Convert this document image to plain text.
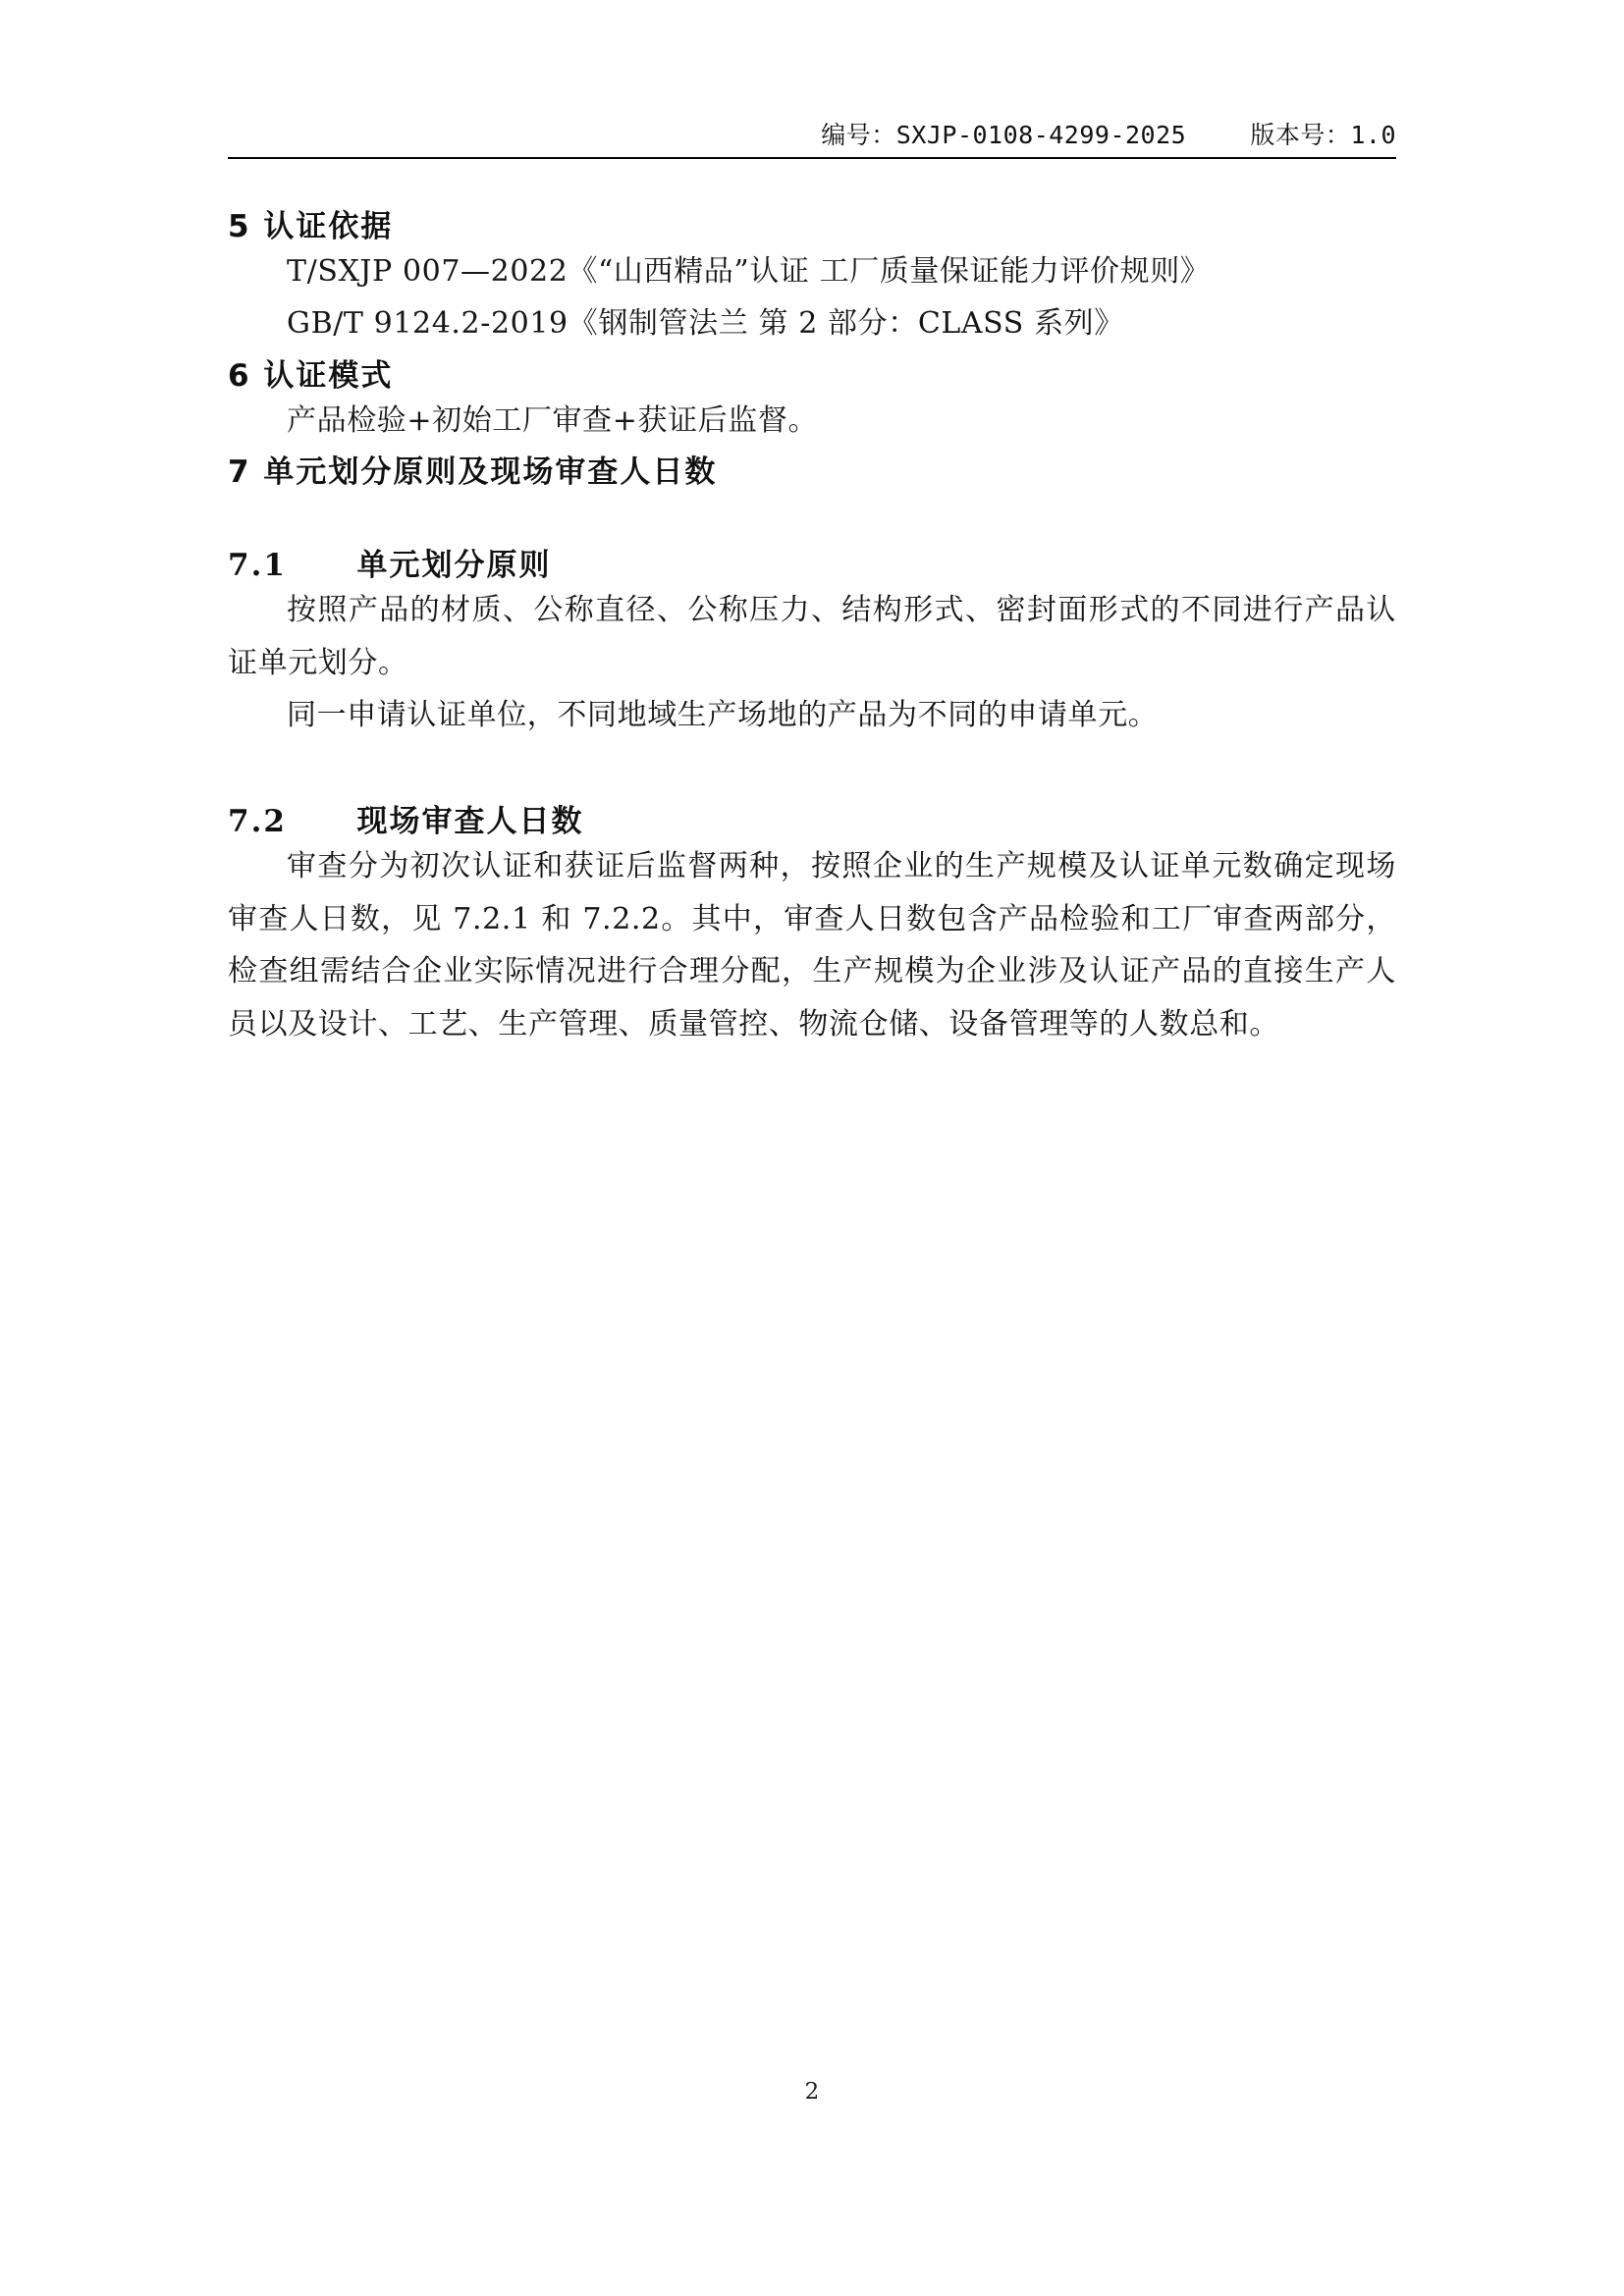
编号：SXJP-0108-4299-2025	版本号：1.0
5 认证依据

T/SXJP 007—2022《“山西精品”认证 工厂质量保证能力评价规则》

GB/T 9124.2-2019《钢制管法兰 第 2 部分：CLASS 系列》

6 认证模式

产品检验+初始工厂审查+获证后监督。

7 单元划分原则及现场审查人日数
7.1 单元划分原则

按照产品的材质、公称直径、公称压力、结构形式、密封面形式的不同进行产品认证单元划分。

同一申请认证单位，不同地域生产场地的产品为不同的申请单元。

7.2 现场审查人日数

审查分为初次认证和获证后监督两种，按照企业的生产规模及认证单元数确定现场审查人日数，见 7.2.1 和 7.2.2。其中，审查人日数包含产品检验和工厂审查两部分，检查组需结合企业实际情况进行合理分配，生产规模为企业涉及认证产品的直接生产人员以及设计、工艺、生产管理、质量管控、物流仓储、设备管理等的人数总和。

2
